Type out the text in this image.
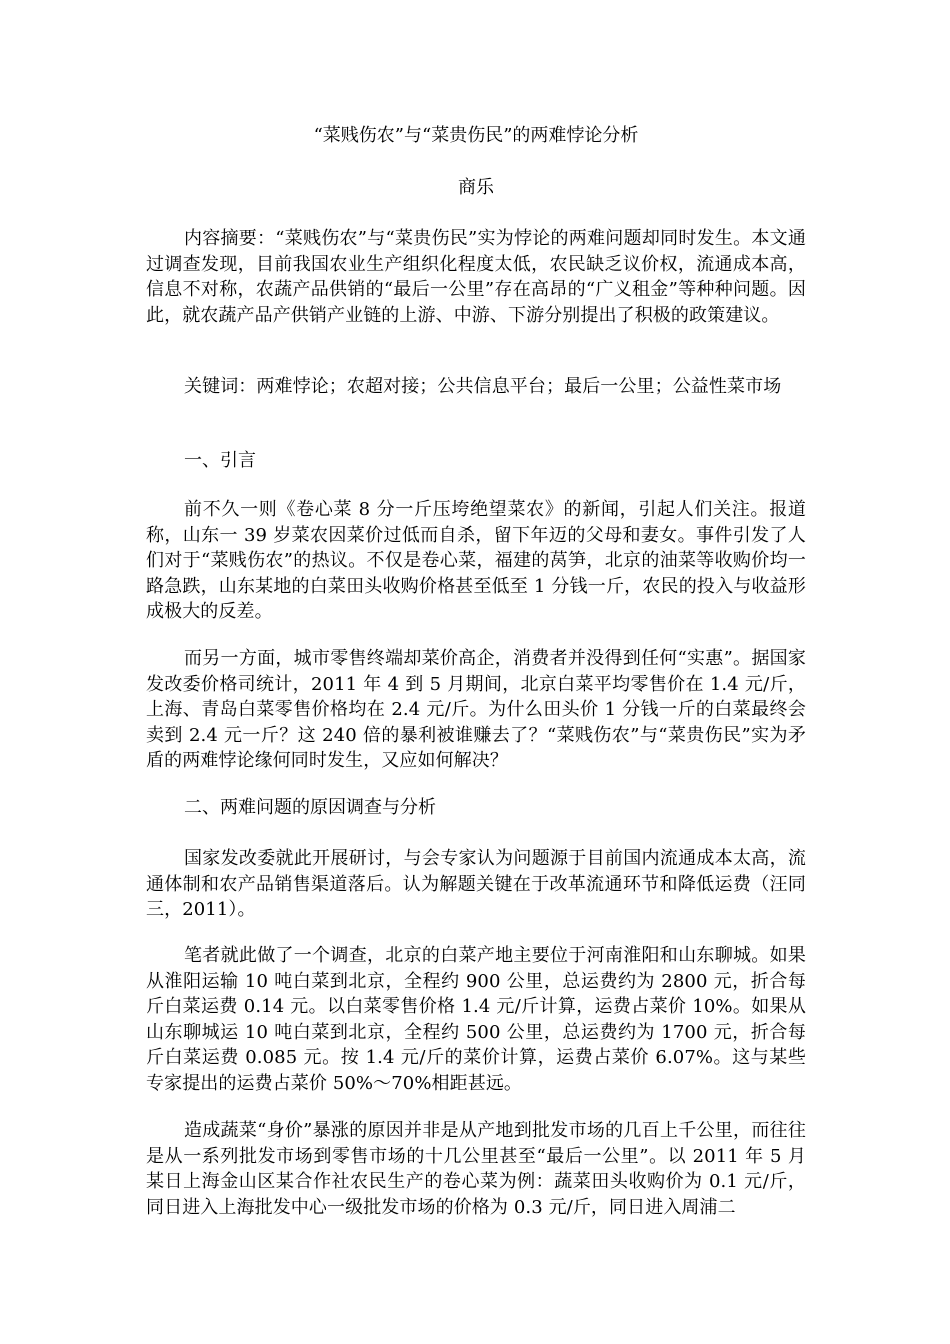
“菜贱伤农”与“菜贵伤民”的两难悖论分析

商乐

内容摘要：“菜贱伤农”与“菜贵伤民”实为悖论的两难问题却同时发生。本文通过调查发现，目前我国农业生产组织化程度太低，农民缺乏议价权，流通成本高，信息不对称，农蔬产品供销的“最后一公里”存在高昂的“广义租金”等种种问题。因此，就农蔬产品产供销产业链的上游、中游、下游分别提出了积极的政策建议。

关键词：两难悖论；农超对接；公共信息平台；最后一公里；公益性菜市场

一、引言

前不久一则《卷心菜 8 分一斤压垮绝望菜农》的新闻，引起人们关注。报道称，山东一 39 岁菜农因菜价过低而自杀，留下年迈的父母和妻女。事件引发了人们对于“菜贱伤农”的热议。不仅是卷心菜，福建的莴笋，北京的油菜等收购价均一路急跌，山东某地的白菜田头收购价格甚至低至 1 分钱一斤，农民的投入与收益形成极大的反差。

而另一方面，城市零售终端却菜价高企，消费者并没得到任何“实惠”。据国家发改委价格司统计，2011 年 4 到 5 月期间，北京白菜平均零售价在 1.4 元/斤，上海、青岛白菜零售价格均在 2.4 元/斤。为什么田头价 1 分钱一斤的白菜最终会卖到 2.4 元一斤？这 240 倍的暴利被谁赚去了？“菜贱伤农”与“菜贵伤民”实为矛盾的两难悖论缘何同时发生，又应如何解决？

二、两难问题的原因调查与分析

国家发改委就此开展研讨，与会专家认为问题源于目前国内流通成本太高，流通体制和农产品销售渠道落后。认为解题关键在于改革流通环节和降低运费（汪同三，2011）。

笔者就此做了一个调查，北京的白菜产地主要位于河南淮阳和山东聊城。如果从淮阳运输 10 吨白菜到北京，全程约 900 公里，总运费约为 2800 元，折合每斤白菜运费 0.14 元。以白菜零售价格 1.4 元/斤计算，运费占菜价 10%。如果从山东聊城运 10 吨白菜到北京，全程约 500 公里，总运费约为 1700 元，折合每斤白菜运费 0.085 元。按 1.4 元/斤的菜价计算，运费占菜价 6.07%。这与某些专家提出的运费占菜价 50%～70%相距甚远。

造成蔬菜“身价”暴涨的原因并非是从产地到批发市场的几百上千公里，而往往是从一系列批发市场到零售市场的十几公里甚至“最后一公里”。以 2011 年 5 月某日上海金山区某合作社农民生产的卷心菜为例：蔬菜田头收购价为 0.1 元/斤，同日进入上海批发中心一级批发市场的价格为 0.3 元/斤，同日进入周浦二
